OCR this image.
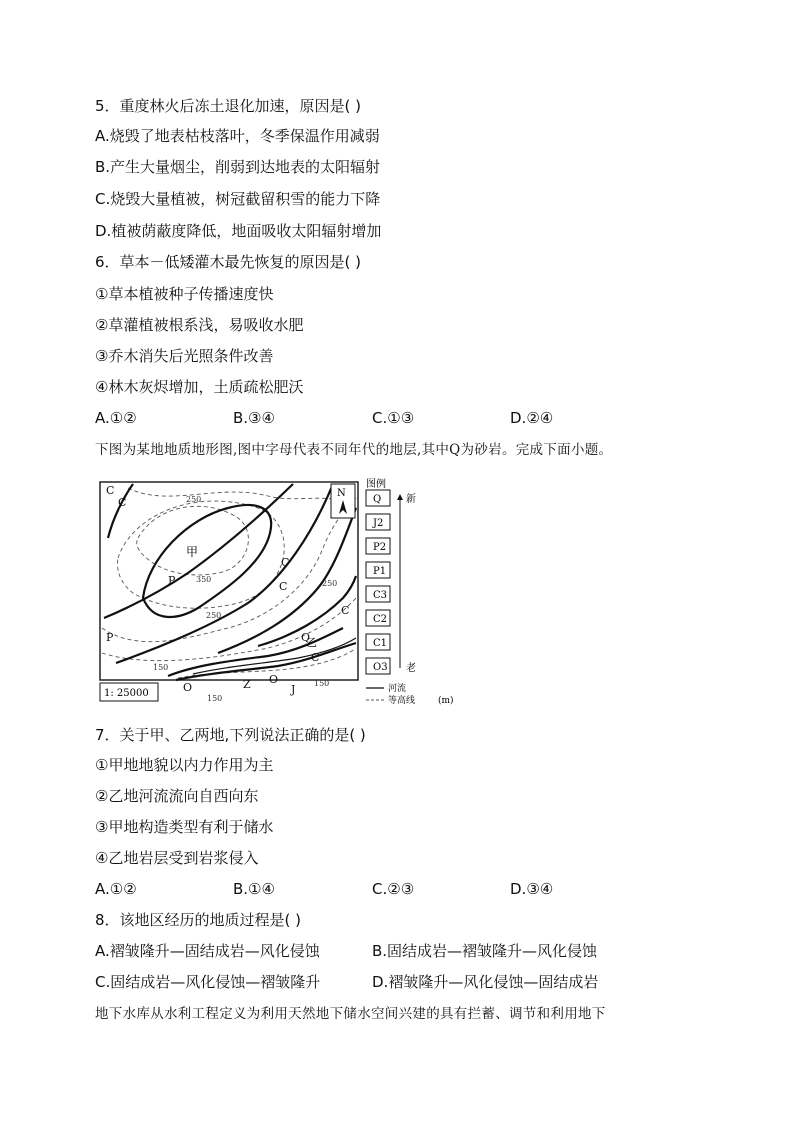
5．重度林火后冻土退化加速，原因是( )
A.烧毁了地表枯枝落叶，冬季保温作用减弱
B.产生大量烟尘，削弱到达地表的太阳辐射
C.烧毁大量植被，树冠截留积雪的能力下降
D.植被荫蔽度降低，地面吸收太阳辐射增加
6．草本－低矮灌木最先恢复的原因是( )
①草本植被种子传播速度快
②草灌植被根系浅，易吸收水肥
③乔木消失后光照条件改善
④林木灰烬增加，土质疏松肥沃
A.①②	B.③④	C.①③	D.②④
下图为某地地质地形图,图中字母代表不同年代的地层,其中Q为砂岩。完成下面小题。
C
C
P
P
C
C
C
Q
C
O
J
O	Z
甲
乙
250
350
250
150
250
150
150
N
1: 25000
图例
Q
J2
P2
P1
C3
C2
C1
O3
新
老
河流
等高线	(m)
7．关于甲、乙两地,下列说法正确的是( )
①甲地地貌以内力作用为主
②乙地河流流向自西向东
③甲地构造类型有利于储水
④乙地岩层受到岩浆侵入
A.①②	B.①④	C.②③	D.③④
8．该地区经历的地质过程是( )
A.褶皱隆升—固结成岩—风化侵蚀	B.固结成岩—褶皱隆升—风化侵蚀
C.固结成岩—风化侵蚀—褶皱隆升	D.褶皱隆升—风化侵蚀—固结成岩
地下水库从水利工程定义为利用天然地下储水空间兴建的具有拦蓄、调节和利用地下
